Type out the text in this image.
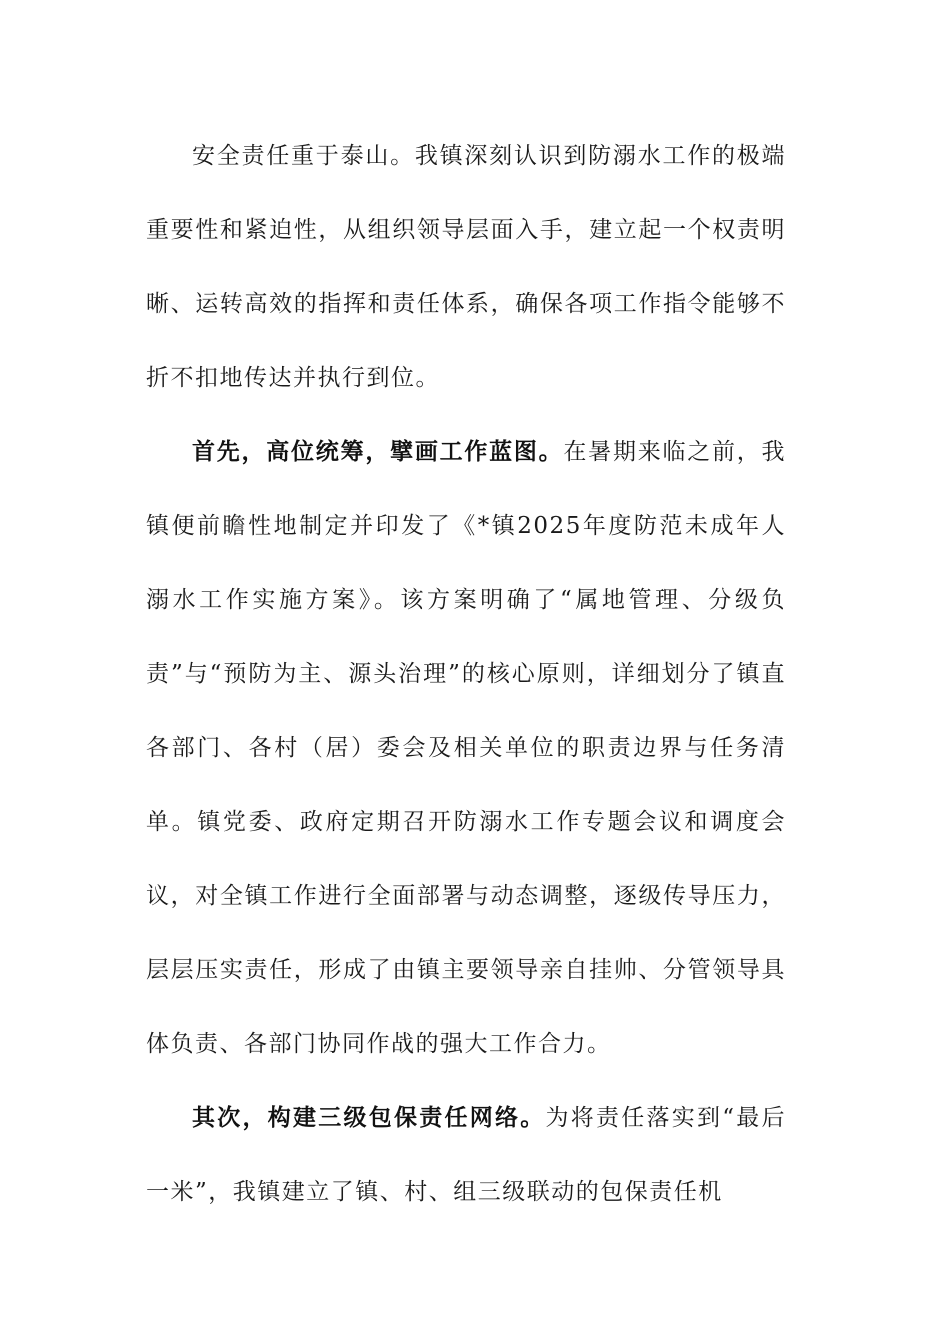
安全责任重于泰山。我镇深刻认识到防溺水工作的极端重要性和紧迫性，从组织领导层面入手，建立起一个权责明晰、运转高效的指挥和责任体系，确保各项工作指令能够不折不扣地传达并执行到位。

首先，高位统筹，擘画工作蓝图。在暑期来临之前，我镇便前瞻性地制定并印发了《*镇2025年度防范未成年人溺水工作实施方案》。该方案明确了“属地管理、分级负责”与“预防为主、源头治理”的核心原则，详细划分了镇直各部门、各村（居）委会及相关单位的职责边界与任务清单。镇党委、政府定期召开防溺水工作专题会议和调度会议，对全镇工作进行全面部署与动态调整，逐级传导压力，层层压实责任，形成了由镇主要领导亲自挂帅、分管领导具体负责、各部门协同作战的强大工作合力。

其次，构建三级包保责任网络。为将责任落实到“最后一米”，我镇建立了镇、村、组三级联动的包保责任机
